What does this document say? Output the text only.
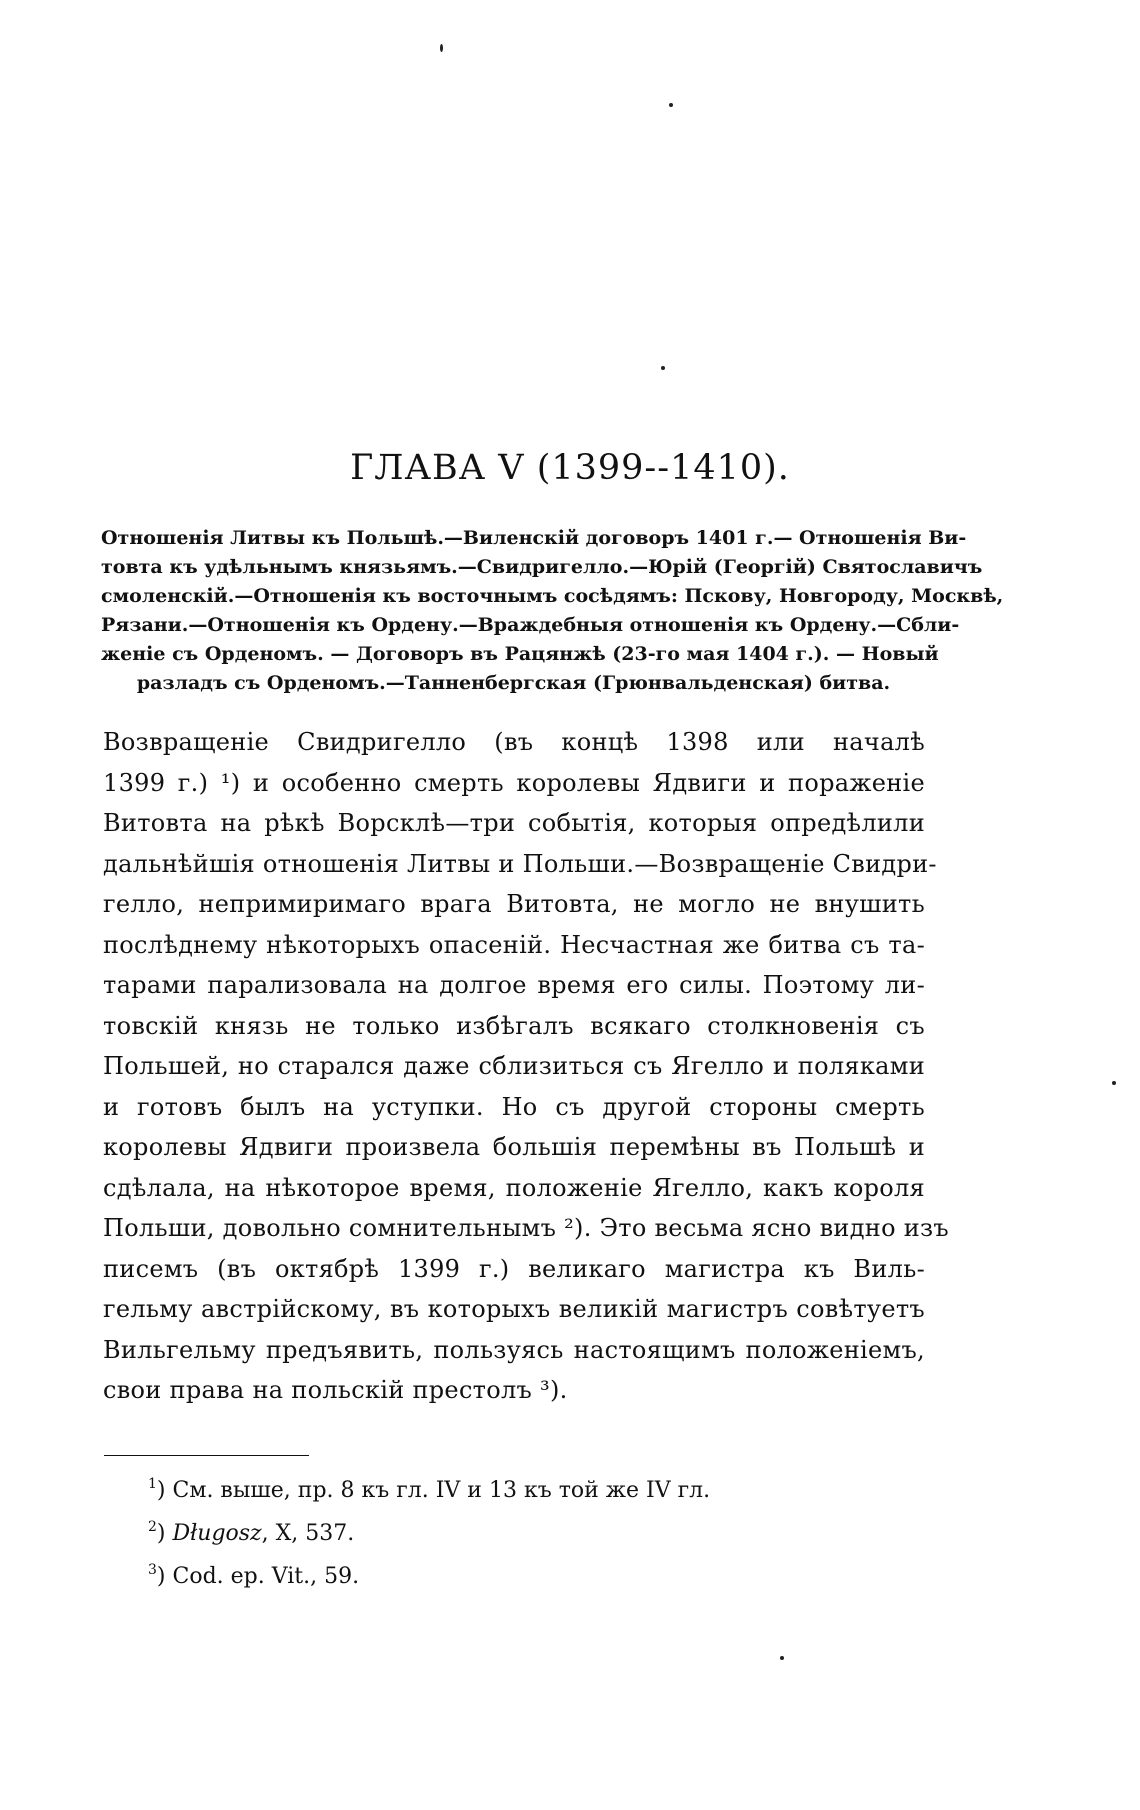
ГЛАВА V (1399--1410).
Отношенія Литвы къ Польшѣ.—Виленскій договоръ 1401 г.— Отношенія Ви-
товта къ удѣльнымъ князьямъ.—Свидригелло.—Юрій (Георгій) Святославичъ
смоленскій.—Отношенія къ восточнымъ сосѣдямъ: Пскову, Новгороду, Москвѣ,
Рязани.—Отношенія къ Ордену.—Враждебныя отношенія къ Ордену.—Сбли-
женіе съ Орденомъ. — Договоръ въ Рацянжѣ (23-го мая 1404 г.). — Новый
разладъ съ Орденомъ.—Танненбергская (Грюнвальденская) битва.
Возвращеніе Свидригелло (въ концѣ 1398 или началѣ
1399 г.) ¹) и особенно смерть королевы Ядвиги и пораженіе
Витовта на рѣкѣ Ворсклѣ—три событія, которыя опредѣлили
дальнѣйшія отношенія Литвы и Польши.—Возвращеніе Свидри-
гелло, непримиримаго врага Витовта, не могло не внушить
послѣднему нѣкоторыхъ опасеній. Несчастная же битва съ та-
тарами парализовала на долгое время его силы. Поэтому ли-
товскій князь не только избѣгалъ всякаго столкновенія съ
Польшей, но старался даже сблизиться съ Ягелло и поляками
и готовъ былъ на уступки. Но съ другой стороны смерть
королевы Ядвиги произвела большія перемѣны въ Польшѣ и
сдѣлала, на нѣкоторое время, положеніе Ягелло, какъ короля
Польши, довольно сомнительнымъ ²). Это весьма ясно видно изъ
писемъ (въ октябрѣ 1399 г.) великаго магистра къ Виль-
гельму австрійскому, въ которыхъ великій магистръ совѣтуетъ
Вильгельму предъявить, пользуясь настоящимъ положеніемъ,
свои права на польскій престолъ ³).
$^1$) См. выше, пр. 8 къ гл. IV и 13 къ той же IV гл.
$^2$) Długosz, X, 537.
$^3$) Cod. ep. Vit., 59.
